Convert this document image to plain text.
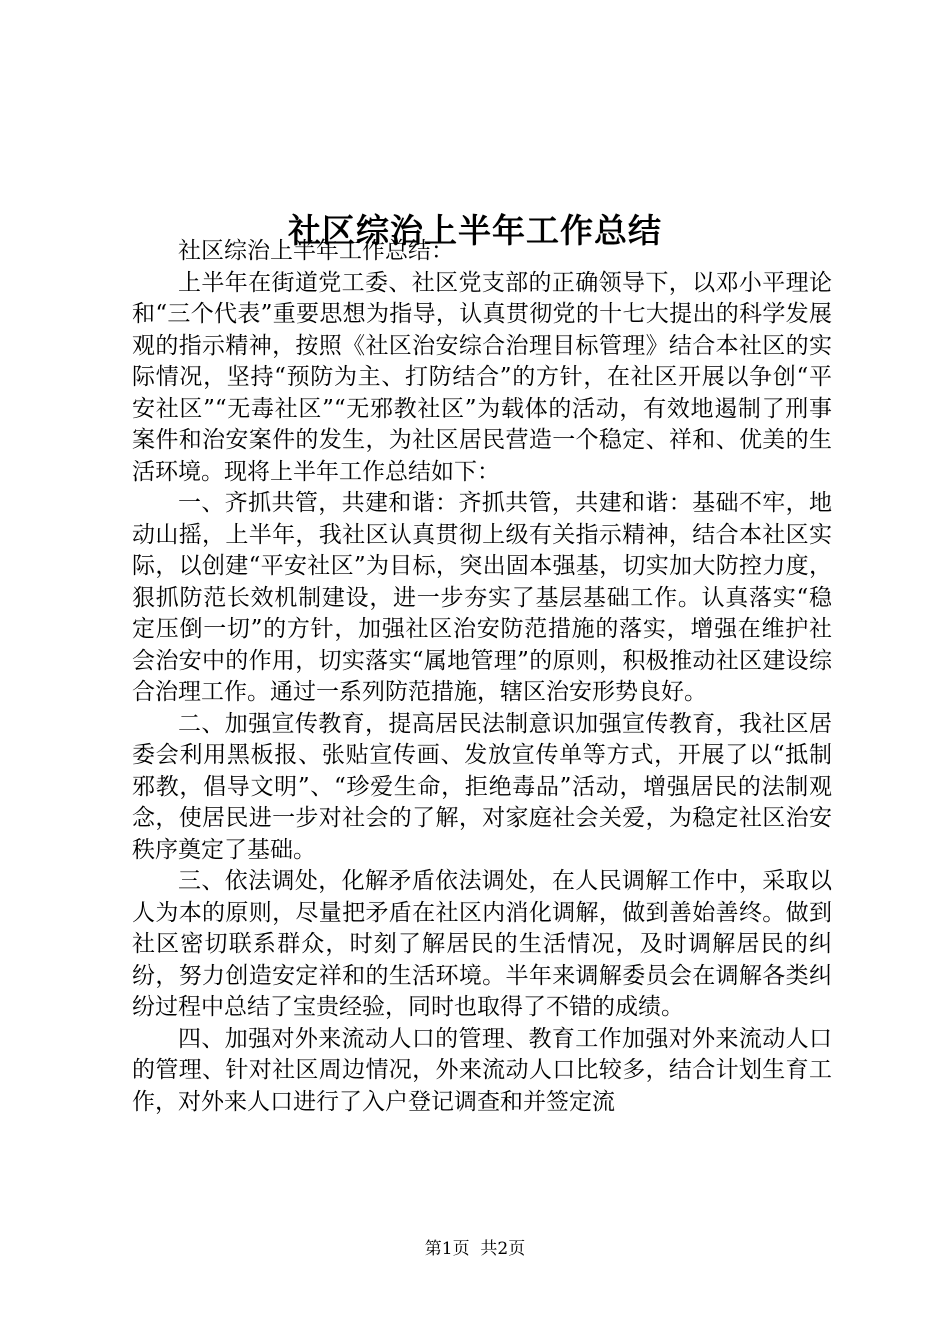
社区综治上半年工作总结

社区综治上半年工作总结：

上半年在街道党工委、社区党支部的正确领导下，以邓小平理论和“三个代表”重要思想为指导，认真贯彻党的十七大提出的科学发展观的指示精神，按照《社区治安综合治理目标管理》结合本社区的实际情况，坚持“预防为主、打防结合”的方针，在社区开展以争创“平安社区”“无毒社区”“无邪教社区”为载体的活动，有效地遏制了刑事案件和治安案件的发生，为社区居民营造一个稳定、祥和、优美的生活环境。现将上半年工作总结如下：

一、齐抓共管，共建和谐：齐抓共管，共建和谐：基础不牢，地动山摇，上半年，我社区认真贯彻上级有关指示精神，结合本社区实际，以创建“平安社区”为目标，突出固本强基，切实加大防控力度，狠抓防范长效机制建设，进一步夯实了基层基础工作。认真落实“稳定压倒一切”的方针，加强社区治安防范措施的落实，增强在维护社会治安中的作用，切实落实“属地管理”的原则，积极推动社区建设综合治理工作。通过一系列防范措施，辖区治安形势良好。

二、加强宣传教育，提高居民法制意识加强宣传教育，我社区居委会利用黑板报、张贴宣传画、发放宣传单等方式，开展了以“抵制邪教，倡导文明”、“珍爱生命，拒绝毒品”活动，增强居民的法制观念，使居民进一步对社会的了解，对家庭社会关爱，为稳定社区治安秩序奠定了基础。

三、依法调处，化解矛盾依法调处，在人民调解工作中，采取以人为本的原则，尽量把矛盾在社区内消化调解，做到善始善终。做到社区密切联系群众，时刻了解居民的生活情况，及时调解居民的纠纷，努力创造安定祥和的生活环境。半年来调解委员会在调解各类纠纷过程中总结了宝贵经验，同时也取得了不错的成绩。

四、加强对外来流动人口的管理、教育工作加强对外来流动人口的管理、针对社区周边情况，外来流动人口比较多，结合计划生育工作，对外来人口进行了入户登记调查和并签定流

第1页  共2页
